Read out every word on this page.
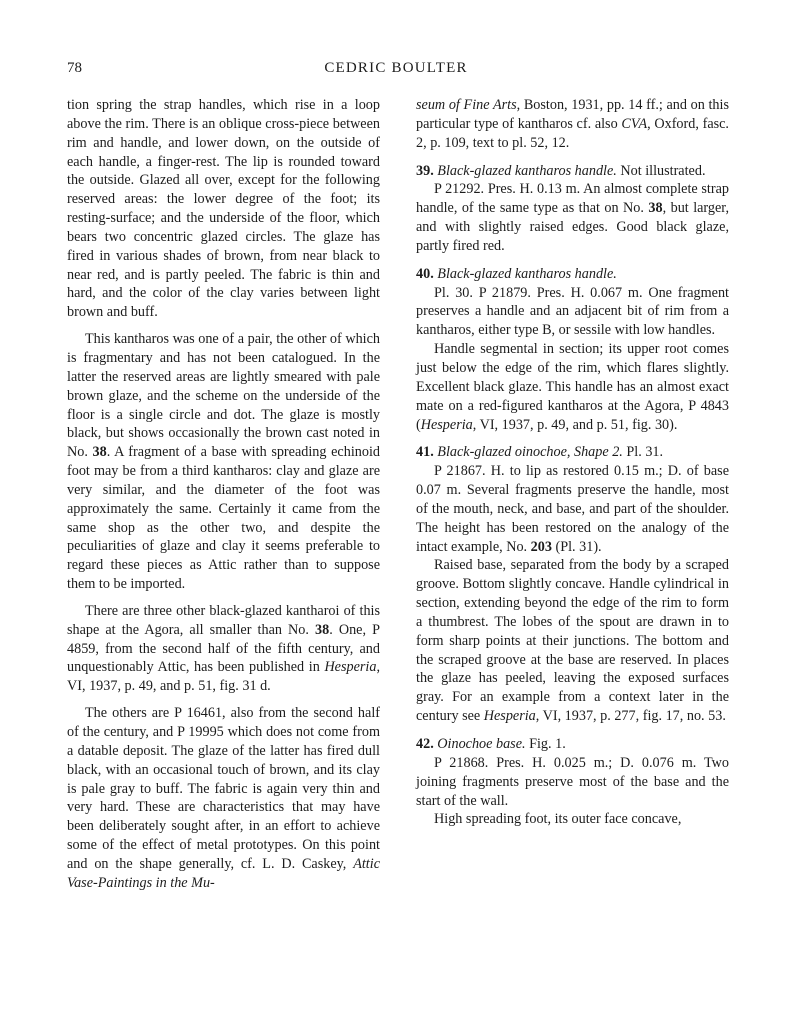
78	CEDRIC BOULTER

tion spring the strap handles, which rise in a loop above the rim. There is an oblique cross-piece between rim and handle, and lower down, on the outside of each handle, a finger-rest. The lip is rounded toward the outside. Glazed all over, except for the following reserved areas: the lower degree of the foot; its resting-surface; and the underside of the floor, which bears two concentric glazed circles. The glaze has fired in various shades of brown, from near black to near red, and is partly peeled. The fabric is thin and hard, and the color of the clay varies between light brown and buff.

This kantharos was one of a pair, the other of which is fragmentary and has not been catalogued. In the latter the reserved areas are lightly smeared with pale brown glaze, and the scheme on the underside of the floor is a single circle and dot. The glaze is mostly black, but shows occasionally the brown cast noted in No. 38. A fragment of a base with spreading echinoid foot may be from a third kantharos: clay and glaze are very similar, and the diameter of the foot was approximately the same. Certainly it came from the same shop as the other two, and despite the peculiarities of glaze and clay it seems preferable to regard these pieces as Attic rather than to suppose them to be imported.

There are three other black-glazed kantharoi of this shape at the Agora, all smaller than No. 38. One, P 4859, from the second half of the fifth century, and unquestionably Attic, has been published in Hesperia, VI, 1937, p. 49, and p. 51, fig. 31 d.

The others are P 16461, also from the second half of the century, and P 19995 which does not come from a datable deposit. The glaze of the latter has fired dull black, with an occasional touch of brown, and its clay is pale gray to buff. The fabric is again very thin and very hard. These are characteristics that may have been deliberately sought after, in an effort to achieve some of the effect of metal prototypes. On this point and on the shape generally, cf. L. D. Caskey, Attic Vase-Paintings in the Mu-

seum of Fine Arts, Boston, 1931, pp. 14 ff.; and on this particular type of kantharos cf. also CVA, Oxford, fasc. 2, p. 109, text to pl. 52, 12.

39. Black-glazed kantharos handle. Not illustrated.

P 21292. Pres. H. 0.13 m. An almost complete strap handle, of the same type as that on No. 38, but larger, and with slightly raised edges. Good black glaze, partly fired red.

40. Black-glazed kantharos handle.

Pl. 30. P 21879. Pres. H. 0.067 m. One fragment preserves a handle and an adjacent bit of rim from a kantharos, either type B, or sessile with low handles.

Handle segmental in section; its upper root comes just below the edge of the rim, which flares slightly. Excellent black glaze. This handle has an almost exact mate on a red-figured kantharos at the Agora, P 4843 (Hesperia, VI, 1937, p. 49, and p. 51, fig. 30).

41. Black-glazed oinochoe, Shape 2. Pl. 31.

P 21867. H. to lip as restored 0.15 m.; D. of base 0.07 m. Several fragments preserve the handle, most of the mouth, neck, and base, and part of the shoulder. The height has been restored on the analogy of the intact example, No. 203 (Pl. 31).

Raised base, separated from the body by a scraped groove. Bottom slightly concave. Handle cylindrical in section, extending beyond the edge of the rim to form a thumbrest. The lobes of the spout are drawn in to form sharp points at their junctions. The bottom and the scraped groove at the base are reserved. In places the glaze has peeled, leaving the exposed surfaces gray. For an example from a context later in the century see Hesperia, VI, 1937, p. 277, fig. 17, no. 53.

42. Oinochoe base. Fig. 1.

P 21868. Pres. H. 0.025 m.; D. 0.076 m. Two joining fragments preserve most of the base and the start of the wall.

High spreading foot, its outer face concave,
